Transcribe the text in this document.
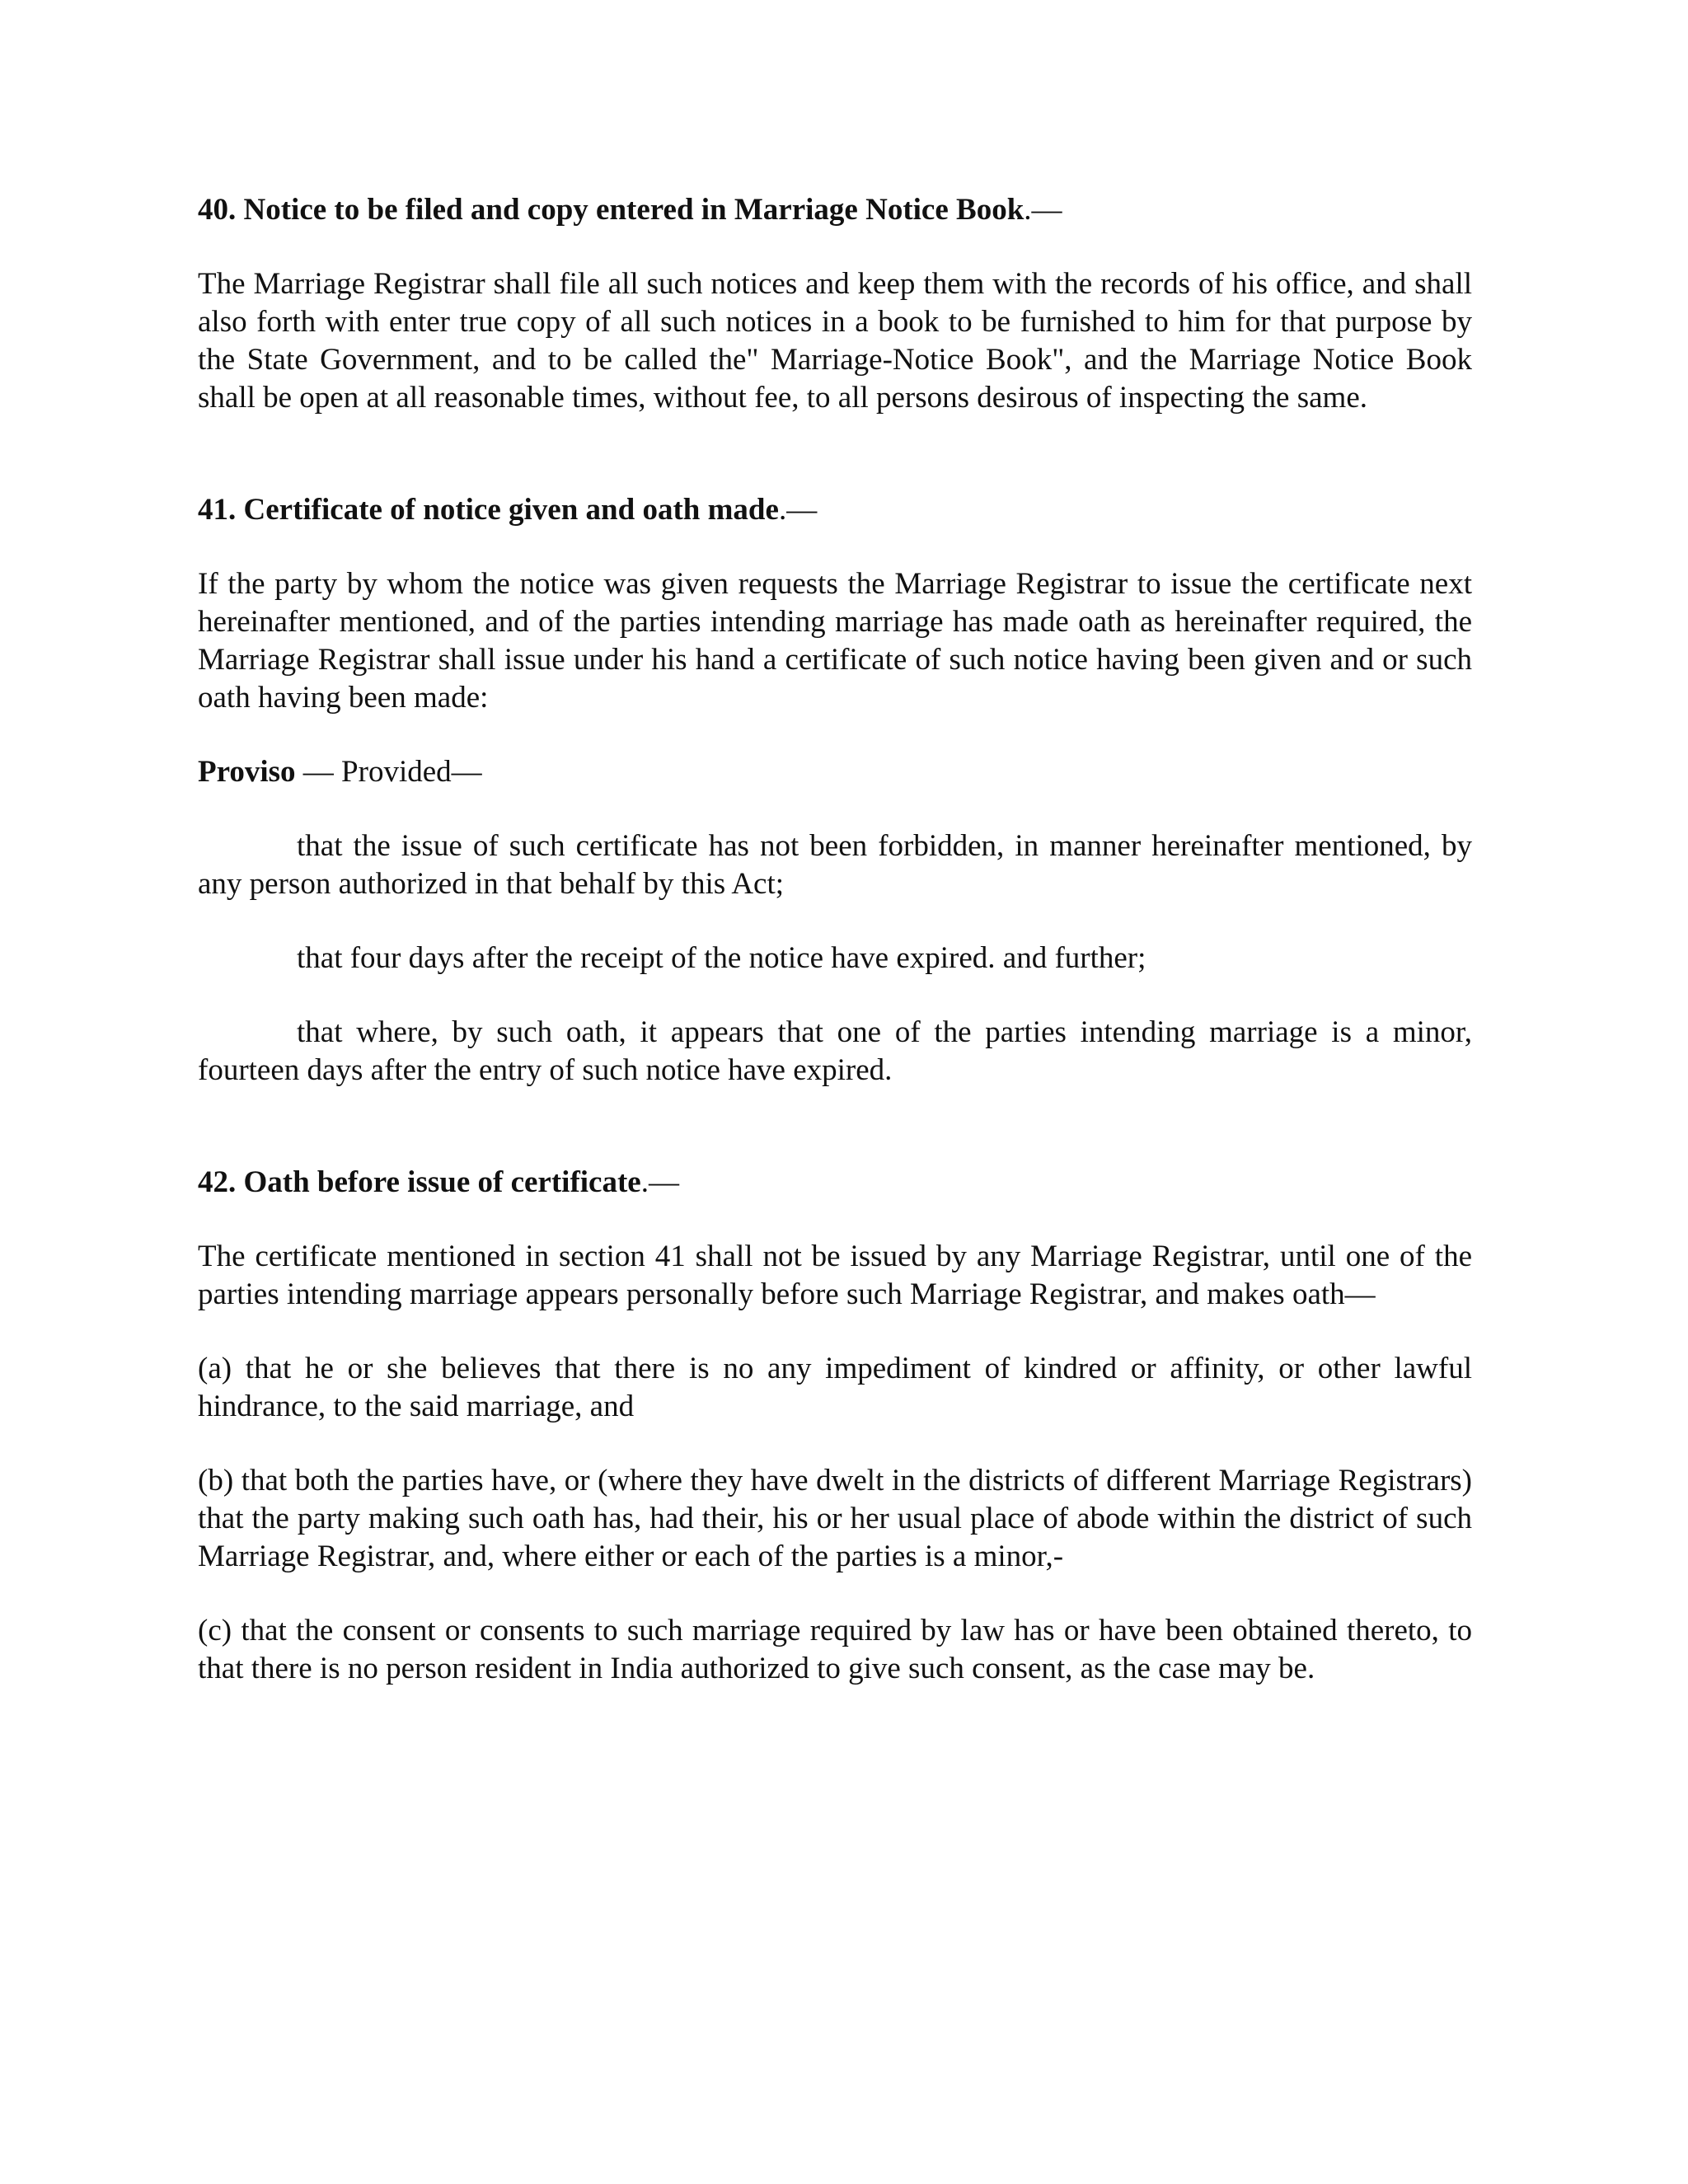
40. Notice to be filed and copy entered in Marriage Notice Book.—

The Marriage Registrar shall file all such notices and keep them with the records of his office, and shall also forth with enter true copy of all such notices in a book to be furnished to him for that purpose by the State Government, and to be called the" Marriage-Notice Book", and the Marriage Notice Book shall be open at all reasonable times, without fee, to all persons desirous of inspecting the same.

41. Certificate of notice given and oath made.—

If the party by whom the notice was given requests the Marriage Registrar to issue the certificate next hereinafter mentioned, and of the parties intending marriage has made oath as hereinafter required, the Marriage Registrar shall issue under his hand a certificate of such notice having been given and or such oath having been made:

Proviso — Provided—

that the issue of such certificate has not been forbidden, in manner hereinafter mentioned, by any person authorized in that behalf by this Act;

that four days after the receipt of the notice have expired. and further;

that where, by such oath, it appears that one of the parties intending marriage is a minor, fourteen days after the entry of such notice have expired.

42. Oath before issue of certificate.—

The certificate mentioned in section 41 shall not be issued by any Marriage Registrar, until one of the parties intending marriage appears personally before such Marriage Registrar, and makes oath—

(a) that he or she believes that there is no any impediment of kindred or affinity, or other lawful hindrance, to the said marriage, and

(b) that both the parties have, or (where they have dwelt in the districts of different Marriage Registrars) that the party making such oath has, had their, his or her usual place of abode within the district of such Marriage Registrar, and, where either or each of the parties is a minor,-

(c) that the consent or consents to such marriage required by law has or have been obtained thereto, to that there is no person resident in India authorized to give such consent, as the case may be.
